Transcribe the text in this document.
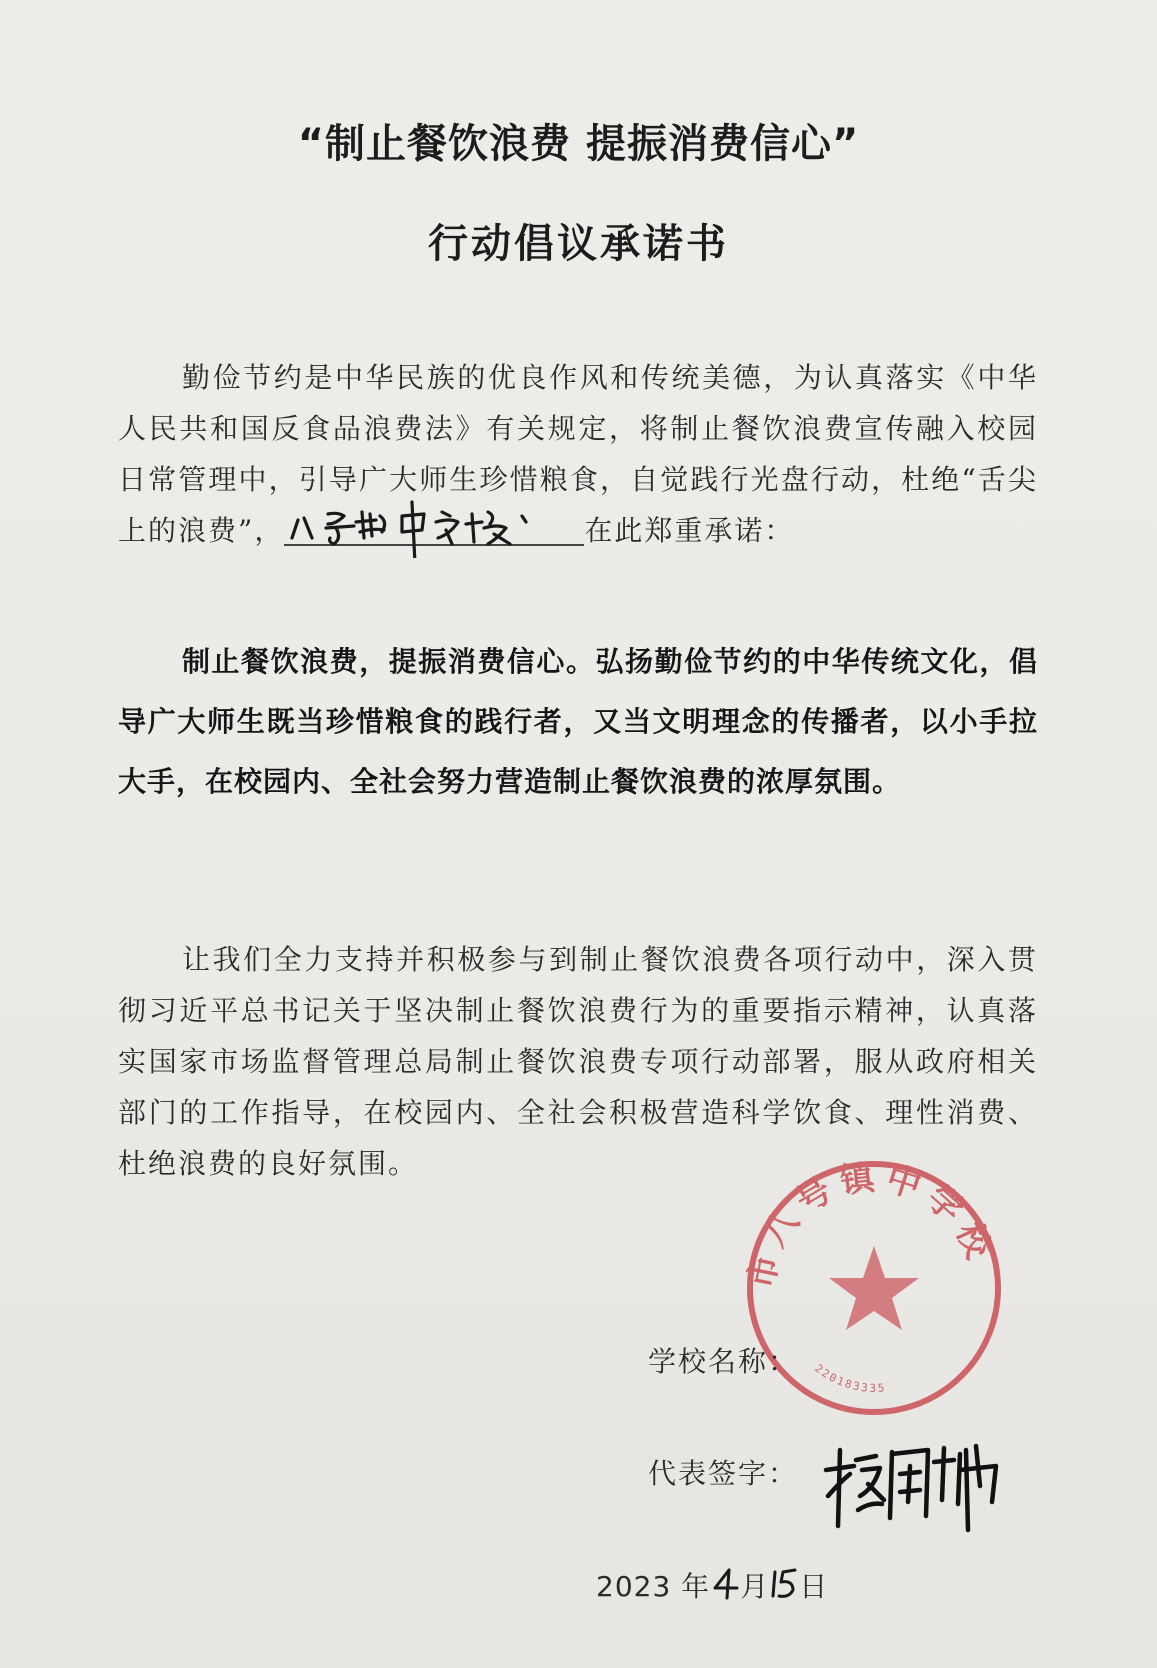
“制止餐饮浪费 提振消费信心”
行动倡议承诺书

勤俭节约是中华民族的优良作风和传统美德，为认真落实《中华人民共和国反食品浪费法》有关规定，将制止餐饮浪费宣传融入校园日常管理中，引导广大师生珍惜粮食，自觉践行光盘行动，杜绝“舌尖上的浪费”，	在此郑重承诺：

制止餐饮浪费，提振消费信心。弘扬勤俭节约的中华传统文化，倡导广大师生既当珍惜粮食的践行者，又当文明理念的传播者，以小手拉大手，在校园内、全社会努力营造制止餐饮浪费的浓厚氛围。

让我们全力支持并积极参与到制止餐饮浪费各项行动中，深入贯彻习近平总书记关于坚决制止餐饮浪费行为的重要指示精神，认真落实国家市场监督管理总局制止餐饮浪费专项行动部署，服从政府相关部门的工作指导，在校园内、全社会积极营造科学饮食、理性消费、杜绝浪费的良好氛围。

市八号镇中学校
220183335
学校名称：
代表签字：
2023 年 月 日
